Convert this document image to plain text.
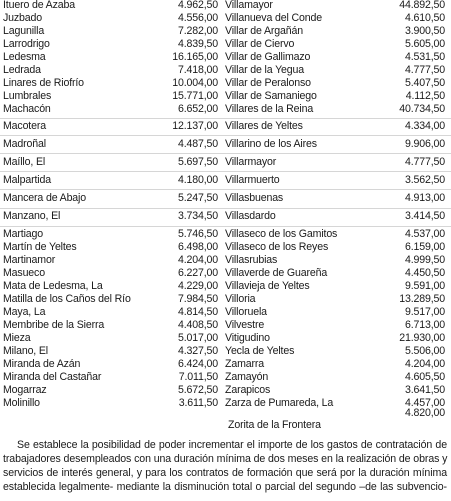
Ituero de Azaba	4.962,50 Villamayor	44.892,50
Juzbado	4.556,00 Villanueva del Conde	4.610,50
Lagunilla	7.282,00 Villar de Argañán	3.900,50
Larrodrigo	4.839,50 Villar de Ciervo	5.605,00
Ledesma	16.165,00 Villar de Gallimazo	4.531,50
Ledrada	7.418,00 Villar de la Yegua	4.777,50
Linares de Riofrío	10.004,00 Villar de Peralonso	5.407,50
Lumbrales	15.771,00 Villar de Samaniego	4.112,50
Machacón	6.652,00 Villares de la Reina	40.734,50
Macotera	12.137,00 Villares de Yeltes	4.334,00
Madroñal	4.487,50 Villarino de los Aires	9.906,00
Maíllo, El	5.697,50 Villarmayor	4.777,50
Malpartida	4.180,00 Villarmuerto	3.562,50
Mancera de Abajo	5.247,50 Villasbuenas	4.913,00
Manzano, El	3.734,50 Villasdardo	3.414,50
Martiago	5.746,50 Villaseco de los Gamitos	4.537,00
Martín de Yeltes	6.498,00 Villaseco de los Reyes	6.159,00
Martinamor	4.204,00 Villasrubias	4.999,50
Masueco	6.227,00 Villaverde de Guareña	4.450,50
Mata de Ledesma, La	4.229,00 Villavieja de Yeltes	9.591,00
Matilla de los Caños del Río	7.984,50 Villoria	13.289,50
Maya, La	4.814,50 Villoruela	9.517,00
Membribe de la Sierra	4.408,50 Vilvestre	6.713,00
Mieza	5.017,00 Vitigudino	21.930,00
Milano, El	4.327,50 Yecla de Yeltes	5.506,00
Miranda de Azán	6.424,00 Zamarra	4.204,00
Miranda del Castañar	7.011,50 Zamayón	4.605,50
Mogarraz	5.672,50 Zarapicos	3.641,50
Molinillo	3.611,50 Zarza de Pumareda, La	4.457,00
4.820,00
Zorita de la Frontera
Se establece la posibilidad de poder incrementar el importe de los gastos de contratación de
trabajadores desempleados con una duración mínima de dos meses en la realización de obras y
servicios de interés general, y para los contratos de formación que será por la duración mínima
establecida legalmente- mediante la disminución total o parcial del segundo –de las subvencio-
